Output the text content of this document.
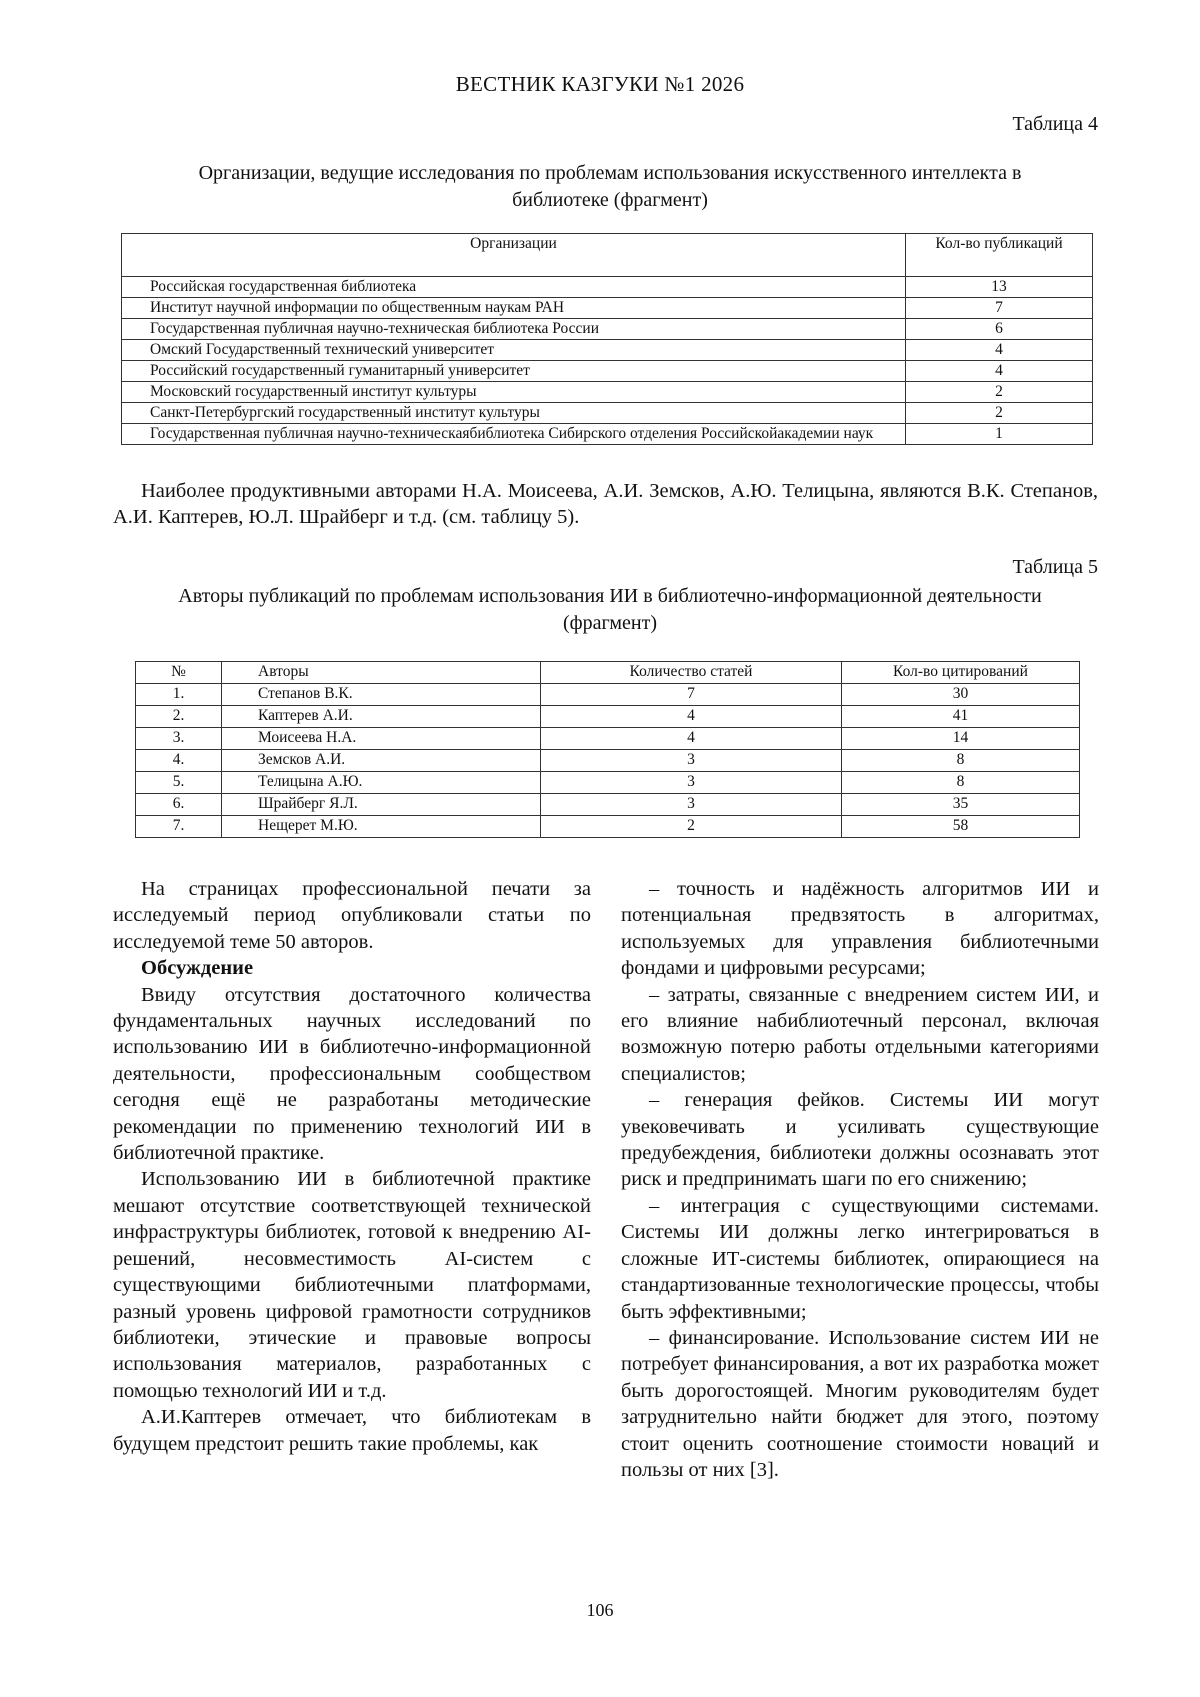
ВЕСТНИК КАЗГУКИ №1 2026
Таблица 4
Организации, ведущие исследования по проблемам использования искусственного интеллекта в библиотеке (фрагмент)
Организации	Кол-во публикаций
Российская государственная библиотека	13
Институт научной информации по общественным наукам РАН	7
Государственная публичная научно-техническая библиотека России	6
Омский Государственный технический университет	4
Российский государственный гуманитарный университет	4
Московский государственный институт культуры	2
Санкт-Петербургский государственный институт культуры	2
Государственная публичная научно-техническаябиблиотека Сибирского отделения Российскойакадемии наук	1

Наиболее продуктивными авторами Н.А. Моисеева, А.И. Земсков, А.Ю. Телицына, являются В.К. Степанов, А.И. Каптерев, Ю.Л. Шрайберг и т.д. (см. таблицу 5).

Таблица 5
Авторы публикаций по проблемам использования ИИ в библиотечно-информационной деятельности (фрагмент)
№	Авторы	Количество статей	Кол-во цитирований
1.	Степанов В.К.	7	30
2.	Каптерев А.И.	4	41
3.	Моисеева Н.А.	4	14
4.	Земсков А.И.	3	8
5.	Телицына А.Ю.	3	8
6.	Шрайберг Я.Л.	3	35
7.	Нещерет М.Ю.	2	58

На страницах профессиональной печати за исследуемый период опубликовали статьи по исследуемой теме 50 авторов.

Обсуждение

Ввиду отсутствия достаточного количества фундаментальных научных исследований по использованию ИИ в библиотечно-информационной деятельности, профессиональным сообществом сегодня ещё не разработаны методические рекомендации по применению технологий ИИ в библиотечной практике.

Использованию ИИ в библиотечной практике мешают отсутствие соответствующей технической инфраструктуры библиотек, готовой к внедрению AI-решений, несовместимость AI-систем с существующими библиотечными платформами, разный уровень цифровой грамотности сотрудников библиотеки, этические и правовые вопросы использования материалов, разработанных с помощью технологий ИИ и т.д.

А.И.Каптерев отмечает, что библиотекам в будущем предстоит решить такие проблемы, как

– точность и надёжность алгоритмов ИИ и потенциальная предвзятость в алгоритмах, используемых для управления библиотечными фондами и цифровыми ресурсами;

– затраты, связанные с внедрением систем ИИ, и его влияние набиблиотечный персонал, включая возможную потерю работы отдельными категориями специалистов;

– генерация фейков. Системы ИИ могут увековечивать и усиливать существующие предубеждения, библиотеки должны осознавать этот риск и предпринимать шаги по его снижению;

– интеграция с существующими системами. Системы ИИ должны легко интегрироваться в сложные ИТ-системы библиотек, опирающиеся на стандартизованные технологические процессы, чтобы быть эффективными;

– финансирование. Использование систем ИИ не потребует финансирования, а вот их разработка может быть дорогостоящей. Многим руководителям будет затруднительно найти бюджет для этого, поэтому стоит оценить соотношение стоимости новаций и пользы от них [3].

106
